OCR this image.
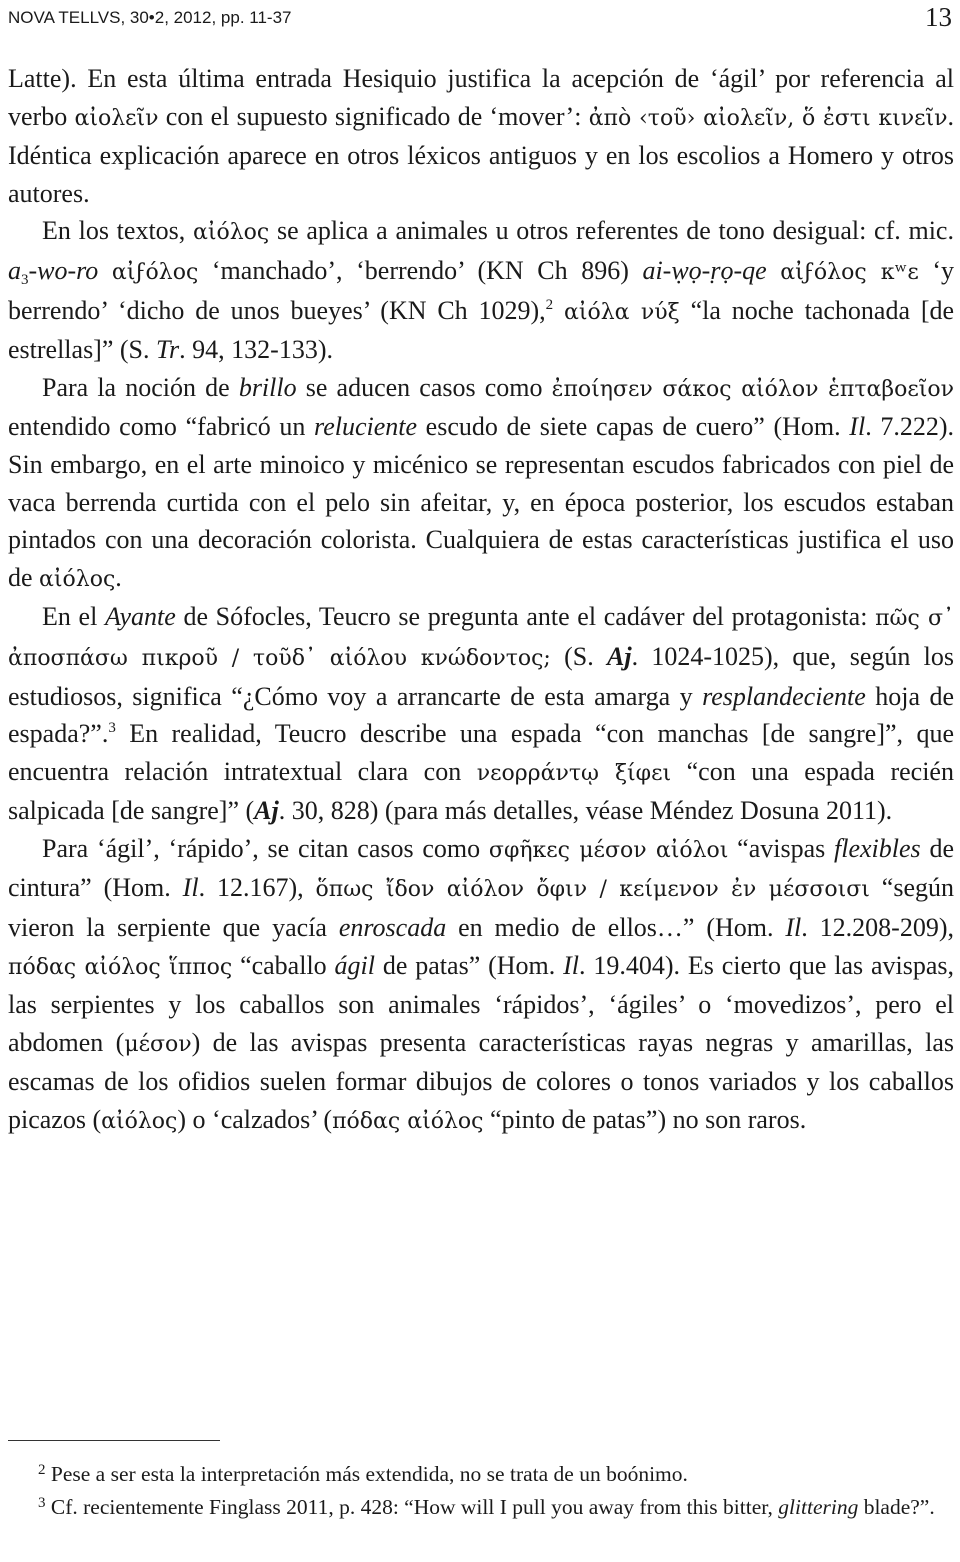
NOVA TELLVS, 30•2, 2012, pp. 11-37	13

Latte). En esta última entrada Hesiquio justifica la acepción de ‘ágil’ por referencia al verbo αἰολεῖν con el supuesto significado de ‘mover’: ἀπὸ ‹τοῦ› αἰολεῖν, ὅ ἐστι κινεῖν. Idéntica explicación aparece en otros léxicos antiguos y en los escolios a Homero y otros autores.

En los textos, αἰόλος se aplica a animales u otros referentes de tono desigual: cf. mic. $a_3-wo-ro$ αἰϝόλος ‘manchado’, ‘berrendo’ (KN Ch 896) ai-ẉọ-ṛọ-qe αἰϝόλος κʷε ‘y berrendo’ ‘dicho de unos bueyes’ (KN Ch 1029),$^2$ αἰόλα νύξ “la noche tachonada [de estrellas]” (S. Tr. 94, 132-133).

Para la noción de brillo se aducen casos como ἐποίησεν σάκος αἰόλον ἑπταβοεῖον entendido como “fabricó un reluciente escudo de siete capas de cuero” (Hom. Il. 7.222). Sin embargo, en el arte minoico y micénico se representan escudos fabricados con piel de vaca berrenda curtida con el pelo sin afeitar, y, en época posterior, los escudos estaban pintados con una decoración colorista. Cualquiera de estas características justifica el uso de αἰόλος.

En el Ayante de Sófocles, Teucro se pregunta ante el cadáver del protagonista: πῶς σ᾽ ἀποσπάσω πικροῦ / τοῦδ᾽ αἰόλου κνώδοντος; (S. Aj. 1024-1025), que, según los estudiosos, significa “¿Cómo voy a arrancarte de esta amarga y resplandeciente hoja de espada?”.$^3$ En realidad, Teucro describe una espada “con manchas [de sangre]”, que encuentra relación intratextual clara con νεορράντῳ ξίφει “con una espada recién salpicada [de sangre]” (Aj. 30, 828) (para más detalles, véase Méndez Dosuna 2011).

Para ‘ágil’, ‘rápido’, se citan casos como σφῆκες μέσον αἰόλοι “avispas flexibles de cintura” (Hom. Il. 12.167), ὅπως ἴδον αἰόλον ὄφιν / κείμενον ἐν μέσσοισι “según vieron la serpiente que yacía enroscada en medio de ellos…” (Hom. Il. 12.208-209), πόδας αἰόλος ἵππος “caballo ágil de patas” (Hom. Il. 19.404). Es cierto que las avispas, las serpientes y los caballos son animales ‘rápidos’, ‘ágiles’ o ‘movedizos’, pero el abdomen (μέσον) de las avispas presenta características rayas negras y amarillas, las escamas de los ofidios suelen formar dibujos de colores o tonos variados y los caballos picazos (αἰόλος) o ‘calzados’ (πόδας αἰόλος “pinto de patas”) no son raros.

$^2$ Pese a ser esta la interpretación más extendida, no se trata de un boónimo.

$^3$ Cf. recientemente Finglass 2011, p. 428: “How will I pull you away from this bitter, glittering blade?”.
